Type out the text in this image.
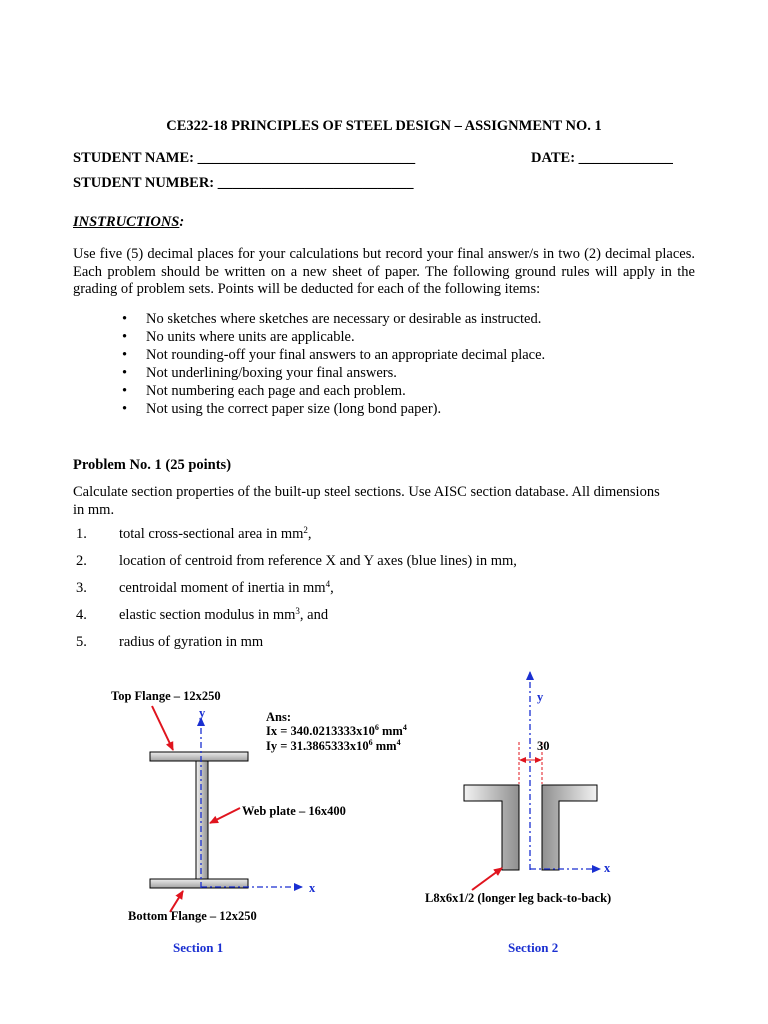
CE322-18 PRINCIPLES OF STEEL DESIGN – ASSIGNMENT NO. 1
STUDENT NAME: ______________________________	DATE: _____________
STUDENT NUMBER: ___________________________
INSTRUCTIONS:
Use five (5) decimal places for your calculations but record your final answer/s in two (2) decimal places. Each problem should be written on a new sheet of paper. The following ground rules will apply in the grading of problem sets. Points will be deducted for each of the following items:
• No sketches where sketches are necessary or desirable as instructed.
• No units where units are applicable.
• Not rounding-off your final answers to an appropriate decimal place.
• Not underlining/boxing your final answers.
• Not numbering each page and each problem.
• Not using the correct paper size (long bond paper).
Problem No. 1 (25 points)
Calculate section properties of the built-up steel sections. Use AISC section database. All dimensions in mm.
1. total cross-sectional area in $mm^2$,
2. location of centroid from reference X and Y axes (blue lines) in mm,
3. centroidal moment of inertia in $mm^4$,
4. elastic section modulus in $mm^3$, and
5. radius of gyration in mm
Top Flange – 12x250
y
Web plate – 16x400
x
Bottom Flange – 12x250
Section 1
Ans:
$Ix = 340.0213333x10^6$ $mm^4$
$Iy = 31.3865333x10^6$ $mm^4$
y
30
x
L8x6x1/2 (longer leg back-to-back)
Section 2
